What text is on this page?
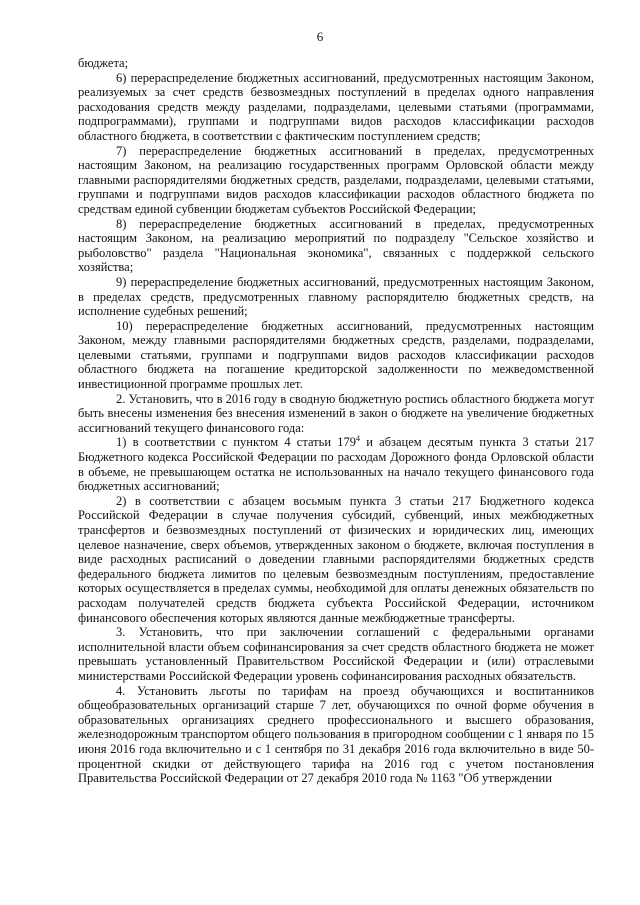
6

бюджета;

6) перераспределение бюджетных ассигнований, предусмотренных настоящим Законом, реализуемых за счет средств безвозмездных поступлений в пределах одного направления расходования средств между разделами, подразделами, целевыми статьями (программами, подпрограммами), группами и подгруппами видов расходов классификации расходов областного бюджета, в соответствии с фактическим поступлением средств;

7) перераспределение бюджетных ассигнований в пределах, предусмотренных настоящим Законом, на реализацию государственных программ Орловской области между главными распорядителями бюджетных средств, разделами, подразделами, целевыми статьями, группами и подгруппами видов расходов классификации расходов областного бюджета по средствам единой субвенции бюджетам субъектов Российской Федерации;

8) перераспределение бюджетных ассигнований в пределах, предусмотренных настоящим Законом, на реализацию мероприятий по подразделу "Сельское хозяйство и рыболовство" раздела "Национальная экономика", связанных с поддержкой сельского хозяйства;

9) перераспределение бюджетных ассигнований, предусмотренных настоящим Законом, в пределах средств, предусмотренных главному распорядителю бюджетных средств, на исполнение судебных решений;

10) перераспределение бюджетных ассигнований, предусмотренных настоящим Законом, между главными распорядителями бюджетных средств, разделами, подразделами, целевыми статьями, группами и подгруппами видов расходов классификации расходов областного бюджета на погашение кредиторской задолженности по межведомственной инвестиционной программе прошлых лет.

2. Установить, что в 2016 году в сводную бюджетную роспись областного бюджета могут быть внесены изменения без внесения изменений в закон о бюджете на увеличение бюджетных ассигнований текущего финансового года:

1) в соответствии с пунктом 4 статьи $179^4$ и абзацем десятым пункта 3 статьи 217 Бюджетного кодекса Российской Федерации по расходам Дорожного фонда Орловской области в объеме, не превышающем остатка не использованных на начало текущего финансового года бюджетных ассигнований;

2) в соответствии с абзацем восьмым пункта 3 статьи 217 Бюджетного кодекса Российской Федерации в случае получения субсидий, субвенций, иных межбюджетных трансфертов и безвозмездных поступлений от физических и юридических лиц, имеющих целевое назначение, сверх объемов, утвержденных законом о бюджете, включая поступления в виде расходных расписаний о доведении главными распорядителями бюджетных средств федерального бюджета лимитов по целевым безвозмездным поступлениям, предоставление которых осуществляется в пределах суммы, необходимой для оплаты денежных обязательств по расходам получателей средств бюджета субъекта Российской Федерации, источником финансового обеспечения которых являются данные межбюджетные трансферты.

3. Установить, что при заключении соглашений с федеральными органами исполнительной власти объем софинансирования за счет средств областного бюджета не может превышать установленный Правительством Российской Федерации и (или) отраслевыми министерствами Российской Федерации уровень софинансирования расходных обязательств.

4. Установить льготы по тарифам на проезд обучающихся и воспитанников общеобразовательных организаций старше 7 лет, обучающихся по очной форме обучения в образовательных организациях среднего профессионального и высшего образования, железнодорожным транспортом общего пользования в пригородном сообщении с 1 января по 15 июня 2016 года включительно и с 1 сентября по 31 декабря 2016 года включительно в виде 50-процентной скидки от действующего тарифа на 2016 год с учетом постановления Правительства Российской Федерации от 27 декабря 2010 года № 1163 "Об утверждении
